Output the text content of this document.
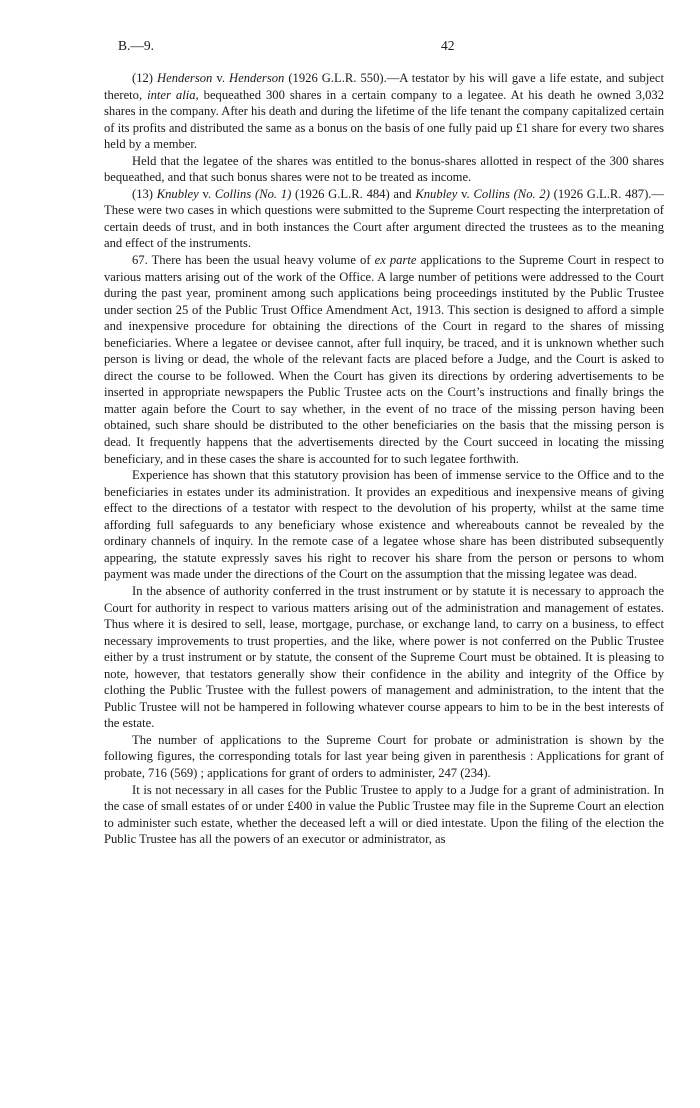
B.—9.	42

(12) Henderson v. Henderson (1926 G.L.R. 550).—A testator by his will gave a life estate, and subject thereto, inter alia, bequeathed 300 shares in a certain company to a legatee. At his death he owned 3,032 shares in the company. After his death and during the lifetime of the life tenant the company capitalized certain of its profits and distributed the same as a bonus on the basis of one fully paid up £1 share for every two shares held by a member.

Held that the legatee of the shares was entitled to the bonus-shares allotted in respect of the 300 shares bequeathed, and that such bonus shares were not to be treated as income.

(13) Knubley v. Collins (No. 1) (1926 G.L.R. 484) and Knubley v. Collins (No. 2) (1926 G.L.R. 487).—These were two cases in which questions were submitted to the Supreme Court respecting the interpretation of certain deeds of trust, and in both instances the Court after argument directed the trustees as to the meaning and effect of the instruments.

67. There has been the usual heavy volume of ex parte applications to the Supreme Court in respect to various matters arising out of the work of the Office. A large number of petitions were addressed to the Court during the past year, prominent among such applications being proceedings instituted by the Public Trustee under section 25 of the Public Trust Office Amendment Act, 1913. This section is designed to afford a simple and inexpensive procedure for obtaining the directions of the Court in regard to the shares of missing beneficiaries. Where a legatee or devisee cannot, after full inquiry, be traced, and it is unknown whether such person is living or dead, the whole of the relevant facts are placed before a Judge, and the Court is asked to direct the course to be followed. When the Court has given its directions by ordering advertisements to be inserted in appropriate newspapers the Public Trustee acts on the Court’s instructions and finally brings the matter again before the Court to say whether, in the event of no trace of the missing person having been obtained, such share should be distributed to the other beneficiaries on the basis that the missing person is dead. It frequently happens that the advertisements directed by the Court succeed in locating the missing beneficiary, and in these cases the share is accounted for to such legatee forthwith.

Experience has shown that this statutory provision has been of immense service to the Office and to the beneficiaries in estates under its administration. It provides an expeditious and inexpensive means of giving effect to the directions of a testator with respect to the devolution of his property, whilst at the same time affording full safeguards to any beneficiary whose existence and whereabouts cannot be revealed by the ordinary channels of inquiry. In the remote case of a legatee whose share has been distributed subsequently appearing, the statute expressly saves his right to recover his share from the person or persons to whom payment was made under the directions of the Court on the assumption that the missing legatee was dead.

In the absence of authority conferred in the trust instrument or by statute it is necessary to approach the Court for authority in respect to various matters arising out of the administration and management of estates. Thus where it is desired to sell, lease, mortgage, purchase, or exchange land, to carry on a business, to effect necessary improvements to trust properties, and the like, where power is not conferred on the Public Trustee either by a trust instrument or by statute, the consent of the Supreme Court must be obtained. It is pleasing to note, however, that testators generally show their confidence in the ability and integrity of the Office by clothing the Public Trustee with the fullest powers of management and administration, to the intent that the Public Trustee will not be hampered in following whatever course appears to him to be in the best interests of the estate.

The number of applications to the Supreme Court for probate or administration is shown by the following figures, the corresponding totals for last year being given in parenthesis : Applications for grant of probate, 716 (569) ; applications for grant of orders to administer, 247 (234).

It is not necessary in all cases for the Public Trustee to apply to a Judge for a grant of administration. In the case of small estates of or under £400 in value the Public Trustee may file in the Supreme Court an election to administer such estate, whether the deceased left a will or died intestate. Upon the filing of the election the Public Trustee has all the powers of an executor or administrator, as
